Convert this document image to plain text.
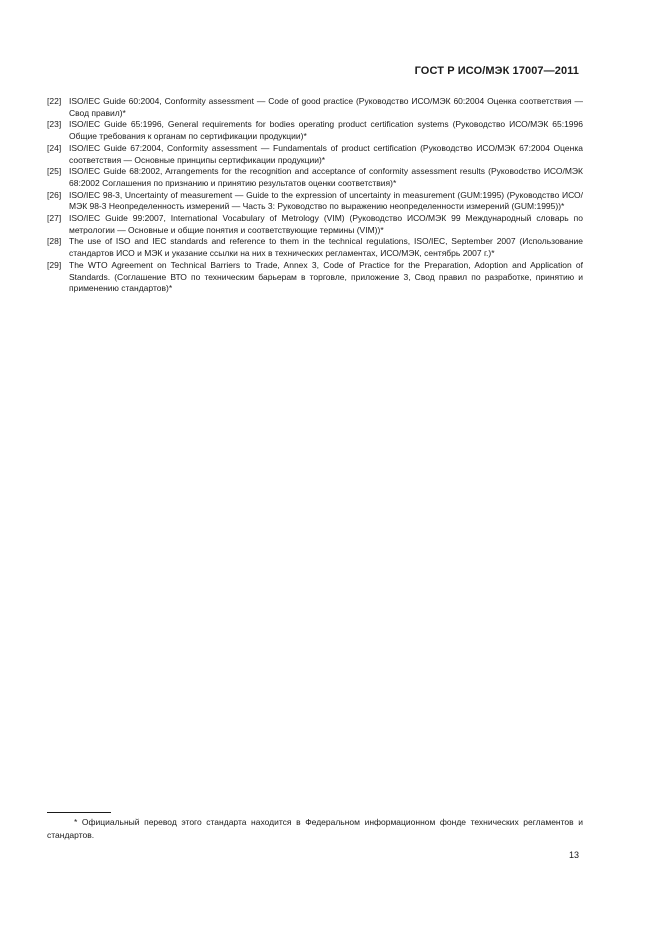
ГОСТ Р ИСО/МЭК 17007—2011
[22] ISO/IEC Guide 60:2004, Conformity assessment — Code of good practice (Руководство ИСО/МЭК 60:2004 Оценка соответствия — Свод правил)*
[23] ISO/IEC Guide 65:1996, General requirements for bodies operating product certification systems (Руководство ИСО/МЭК 65:1996 Общие требования к органам по сертификации продукции)*
[24] ISO/IEC Guide 67:2004, Conformity assessment — Fundamentals of product certification (Руководство ИСО/МЭК 67:2004 Оценка соответствия — Основные принципы сертификации продукции)*
[25] ISO/IEC Guide 68:2002, Arrangements for the recognition and acceptance of conformity assessment results (Руковоdство ИСО/МЭК 68:2002 Соглашения по признанию и принятию результатов оценки соответствия)*
[26] ISO/IEC 98-3, Uncertainty of measurement — Guide to the expression of uncertainty in measurement (GUM:1995) (Руководство ИСО/МЭК 98-3 Неопределенность измерений — Часть 3: Руководство по выражению неопределенности измерений (GUM:1995))*
[27] ISO/IEC Guide 99:2007, International Vocabulary of Metrology (VIM) (Руководство ИСО/МЭК 99 Международный словарь по метрологии — Основные и общие понятия и соответствующие термины (VIM))*
[28] The use of ISO and IEC standards and reference to them in the technical regulations, ISO/IEC, September 2007 (Использование стандартов ИСО и МЭК и указание ссылки на них в технических регламентах, ИСО/МЭК, сентябрь 2007 г.)*
[29] The WTO Agreement on Technical Barriers to Trade, Annex 3, Code of Practice for the Preparation, Adoption and Application of Standards. (Соглашение ВТО по техническим барьерам в торговле, приложение 3, Свод правил по разработке, принятию и применению стандартов)*

* Официальный перевод этого стандарта находится в Федеральном информационном фонде технических регламентов и стандартов.

13
